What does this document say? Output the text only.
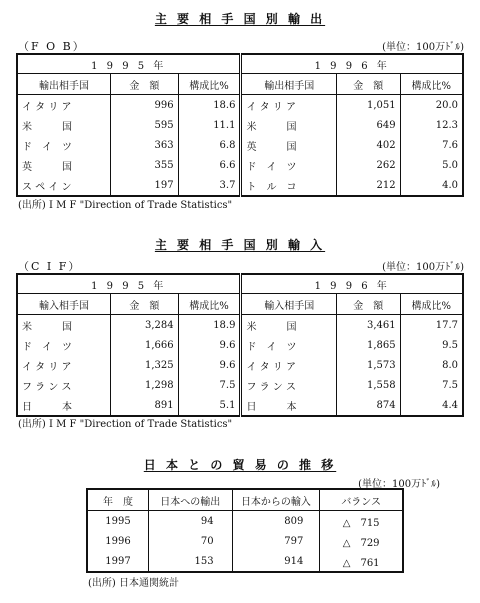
主 要 相 手 国 別 輸 出
（F O B）	(単位：100万ﾄﾞﾙ)
1 9 9 5 年			1 9 9 6 年		
輸出相手国	金　額	構成比%	輸出相手国	金　額	構成比%
イ タ リ ア	996	18.6	イ タ リ ア	1,051	20.0
米　　　国	595	11.1	米　　　国	649	12.3
ド　イ　ツ	363	6.8	英　　　国	402	7.6
英　　　国	355	6.6	ド　イ　ツ	262	5.0
ス ペ イ ン	197	3.7	ト　ル　コ	212	4.0
(出所) I M F "Direction of Trade Statistics"
主 要 相 手 国 別 輸 入
（C I F）	(単位：100万ﾄﾞﾙ)
1 9 9 5 年			1 9 9 6 年		
輸入相手国	金　額	構成比%	輸入相手国	金　額	構成比%
米　　　国	3,284	18.9	米　　　国	3,461	17.7
ド　イ　ツ	1,666	9.6	ド　イ　ツ	1,865	9.5
イ タ リ ア	1,325	9.6	イ タ リ ア	1,573	8.0
フ ラ ン ス	1,298	7.5	フ ラ ン ス	1,558	7.5
日　　　本	891	5.1	日　　　本	874	4.4
(出所) I M F "Direction of Trade Statistics"
日 本 と の 貿 易 の 推 移
(単位：100万ﾄﾞﾙ)
年　度	日本への輸出	日本からの輸入	バランス
1995	94	809	△　715
1996	70	797	△　729
1997	153	914	△　761
(出所) 日本通関統計
